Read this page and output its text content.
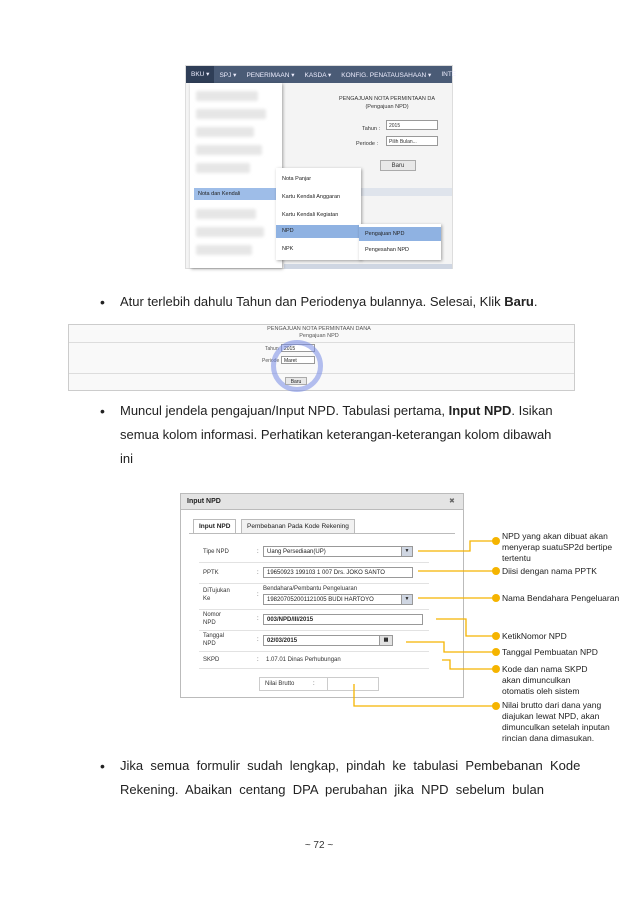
BKU ▾	SPJ ▾	PENERIMAAN ▾	KASDA ▾	KONFIG. PENATAUSAHAAN ▾	INTE
PENGAJUAN NOTA PERMINTAAN DA
(Pengajuan NPD)
Tahun :	2015
Periode :	Pilih Bulan...
Baru
Nota dan Kendali
Nota Panjar
Kartu Kendali Anggaran
Kartu Kendali Kegiatan
NPD
NPK
Pengajuan NPD
Pengesahan NPD
• Atur terlebih dahulu Tahun dan Periodenya bulannya. Selesai, Klik Baru.
PENGAJUAN NOTA PERMINTAAN DANA
Pengajuan NPD
Tahun	2015
Periode Maret
Baru
• Muncul jendela pengajuan/Input NPD. Tabulasi pertama, Input NPD. Isikan
semua kolom informasi. Perhatikan keterangan-keterangan kolom dibawah
ini
Input NPD	✖
Input NPD	Pembebanan Pada Kode Rekening
Tipe NPD	:	Uang Persediaan(UP)	▼
PPTK	:	19650923 199103 1 007 Drs. JOKO SANTO
DiTujukan
Ke
:
Bendahara/Pembantu Pengeluaran
198207052001121005 BUDI HARTOYO	▼
Nomor
NPD
:	003/NPD/III/2015
Tanggal
NPD
:	02/03/2015	▦
SKPD	: 1.07.01 Dinas Perhubungan
Nilai Brutto	:
NPD yang akan dibuat akan
menyerap suatuSP2d bertipe
tertentu
Diisi dengan nama PPTK
Nama Bendahara Pengeluaran
KetikNomor NPD
Tanggal Pembuatan NPD
Kode dan nama SKPD
akan dimunculkan
otomatis oleh sistem
Nilai brutto dari dana yang
diajukan lewat NPD, akan
dimunculkan setelah inputan
rincian dana dimasukan.
• Jika  semua  formulir  sudah  lengkap,  pindah  ke  tabulasi  Pembebanan  Kode
Rekening.  Abaikan  centang  DPA  perubahan  jika  NPD  sebelum  bulan
~ 72 ~
